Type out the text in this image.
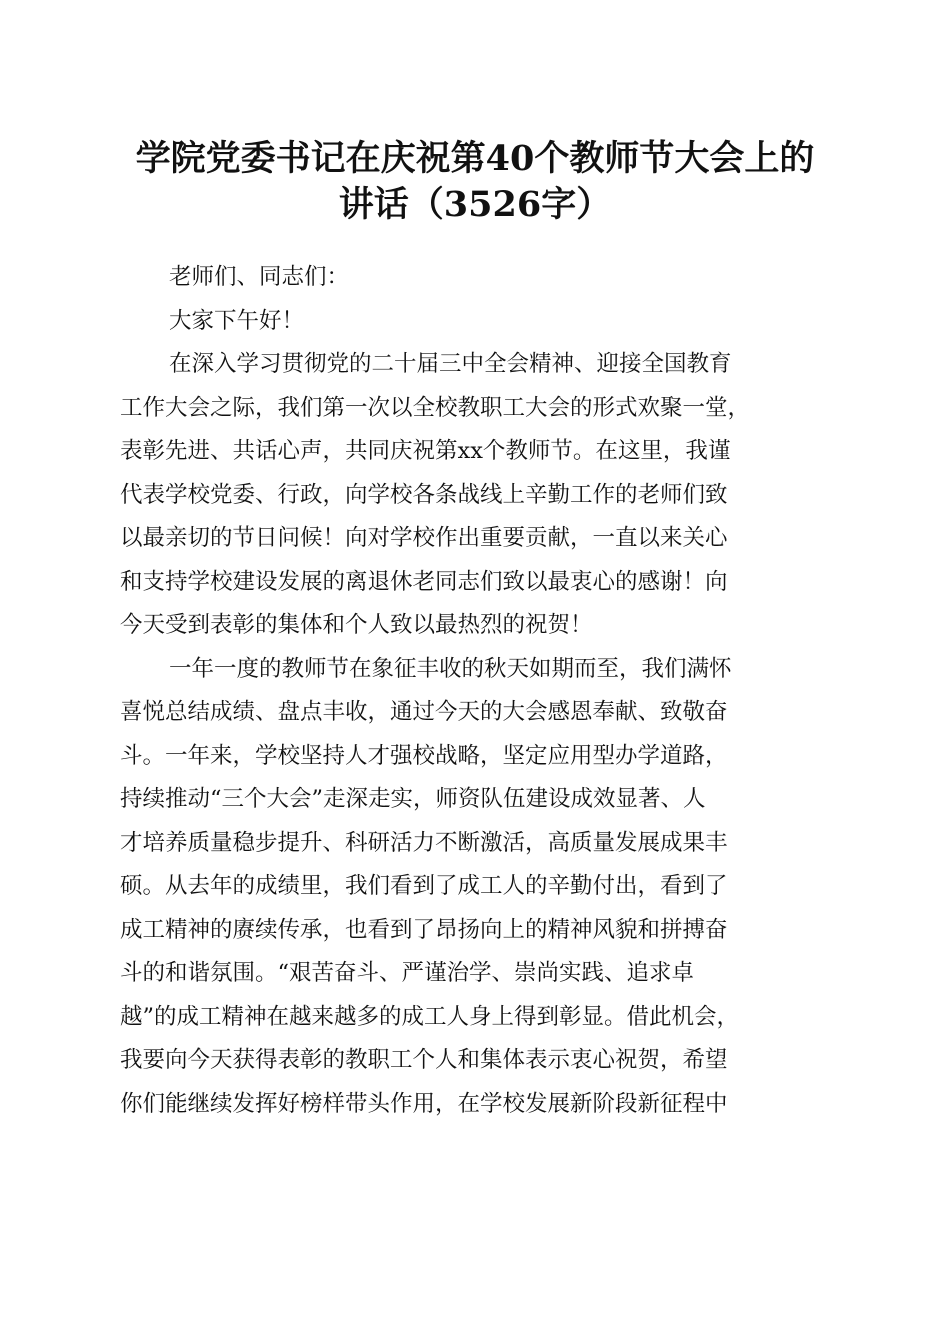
学院党委书记在庆祝第40个教师节大会上的
讲话（3526字）
老师们、同志们：
大家下午好！
在深入学习贯彻党的二十届三中全会精神、迎接全国教育
工作大会之际，我们第一次以全校教职工大会的形式欢聚一堂，
表彰先进、共话心声，共同庆祝第xx个教师节。在这里，我谨
代表学校党委、行政，向学校各条战线上辛勤工作的老师们致
以最亲切的节日问候！向对学校作出重要贡献，一直以来关心
和支持学校建设发展的离退休老同志们致以最衷心的感谢！向
今天受到表彰的集体和个人致以最热烈的祝贺！
一年一度的教师节在象征丰收的秋天如期而至，我们满怀
喜悦总结成绩、盘点丰收，通过今天的大会感恩奉献、致敬奋
斗。一年来，学校坚持人才强校战略，坚定应用型办学道路，
持续推动“三个大会”走深走实，师资队伍建设成效显著、人
才培养质量稳步提升、科研活力不断激活，高质量发展成果丰
硕。从去年的成绩里，我们看到了成工人的辛勤付出，看到了
成工精神的赓续传承，也看到了昂扬向上的精神风貌和拼搏奋
斗的和谐氛围。“艰苦奋斗、严谨治学、崇尚实践、追求卓
越”的成工精神在越来越多的成工人身上得到彰显。借此机会，
我要向今天获得表彰的教职工个人和集体表示衷心祝贺，希望
你们能继续发挥好榜样带头作用，在学校发展新阶段新征程中
